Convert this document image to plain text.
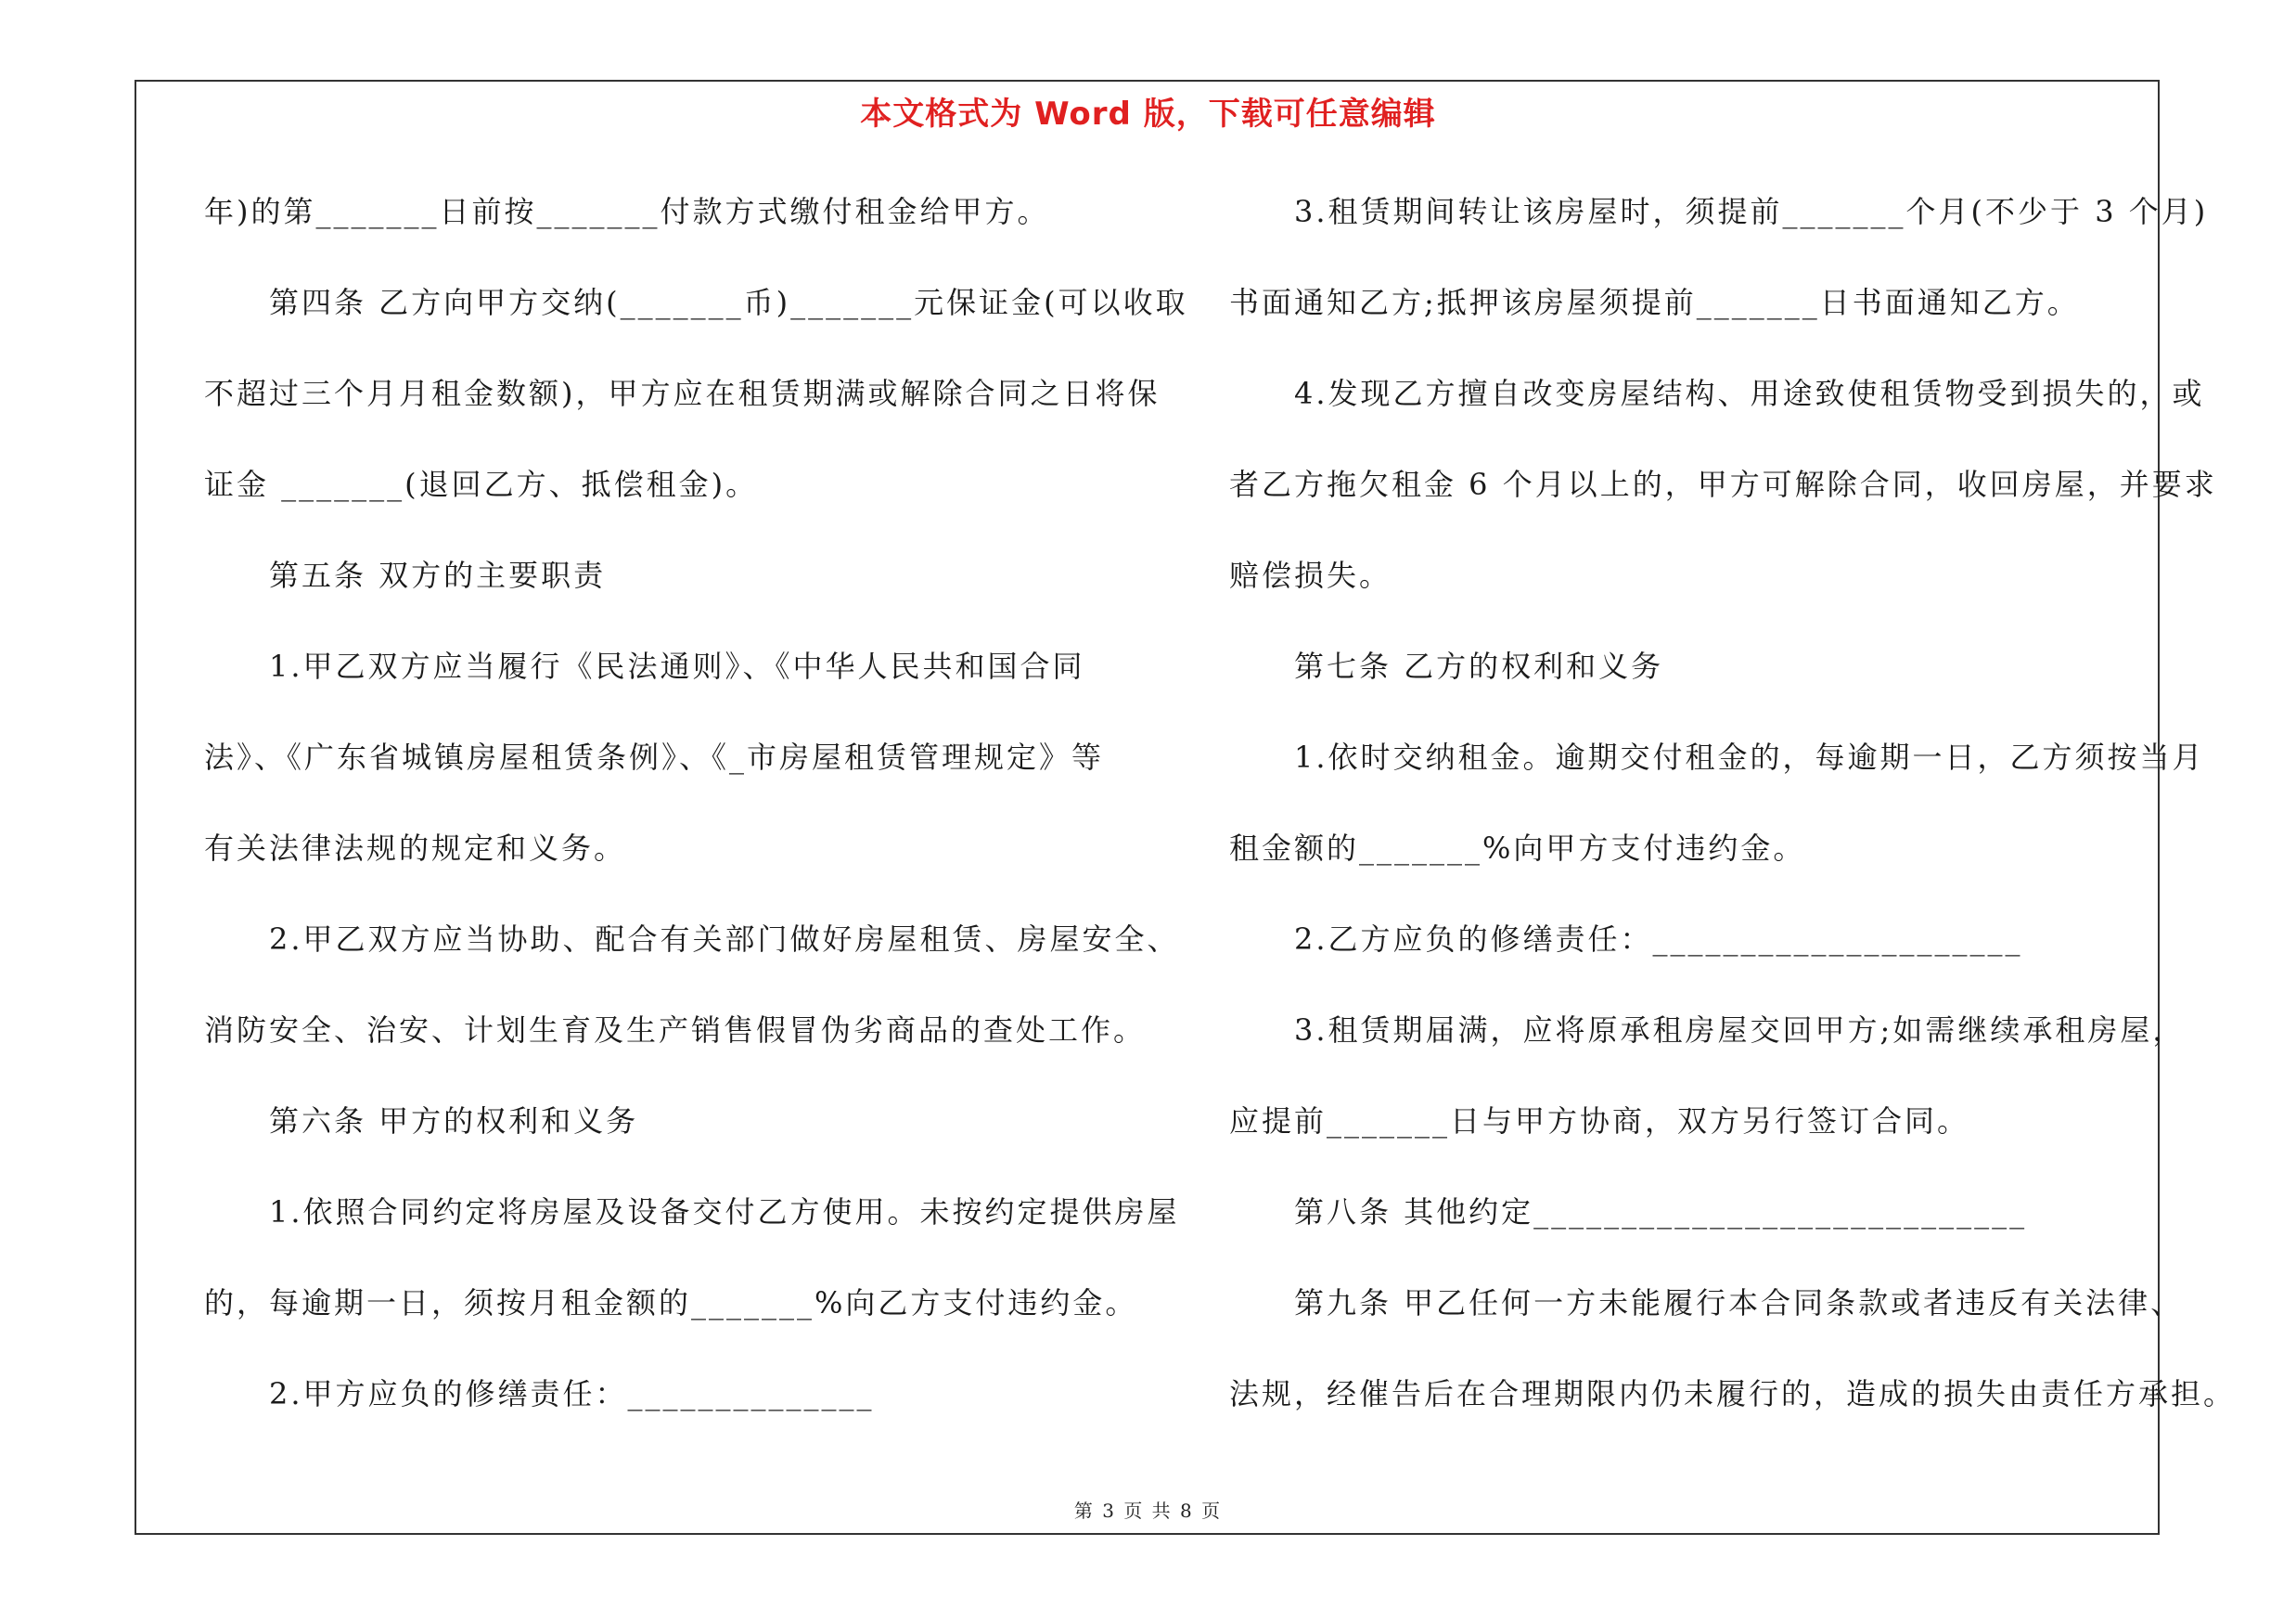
本文格式为 Word 版，下载可任意编辑
年)的第_______日前按_______付款方式缴付租金给甲方。
第四条 乙方向甲方交纳(_______币)_______元保证金(可以收取
不超过三个月月租金数额)，甲方应在租赁期满或解除合同之日将保
证金 _______(退回乙方、抵偿租金)。
第五条 双方的主要职责
1.甲乙双方应当履行《民法通则》、《中华人民共和国合同
法》、《广东省城镇房屋租赁条例》、《_市房屋租赁管理规定》等
有关法律法规的规定和义务。
2.甲乙双方应当协助、配合有关部门做好房屋租赁、房屋安全、
消防安全、治安、计划生育及生产销售假冒伪劣商品的查处工作。
第六条 甲方的权利和义务
1.依照合同约定将房屋及设备交付乙方使用。未按约定提供房屋
的，每逾期一日，须按月租金额的_______%向乙方支付违约金。
2.甲方应负的修缮责任：______________
3.租赁期间转让该房屋时，须提前_______个月(不少于 3 个月)
书面通知乙方;抵押该房屋须提前_______日书面通知乙方。
4.发现乙方擅自改变房屋结构、用途致使租赁物受到损失的，或
者乙方拖欠租金 6 个月以上的，甲方可解除合同，收回房屋，并要求
赔偿损失。
第七条 乙方的权利和义务
1.依时交纳租金。逾期交付租金的，每逾期一日，乙方须按当月
租金额的_______%向甲方支付违约金。
2.乙方应负的修缮责任：_____________________
3.租赁期届满，应将原承租房屋交回甲方;如需继续承租房屋，
应提前_______日与甲方协商，双方另行签订合同。
第八条 其他约定____________________________
第九条 甲乙任何一方未能履行本合同条款或者违反有关法律、
法规，经催告后在合理期限内仍未履行的，造成的损失由责任方承担。
第 3 页 共 8 页
